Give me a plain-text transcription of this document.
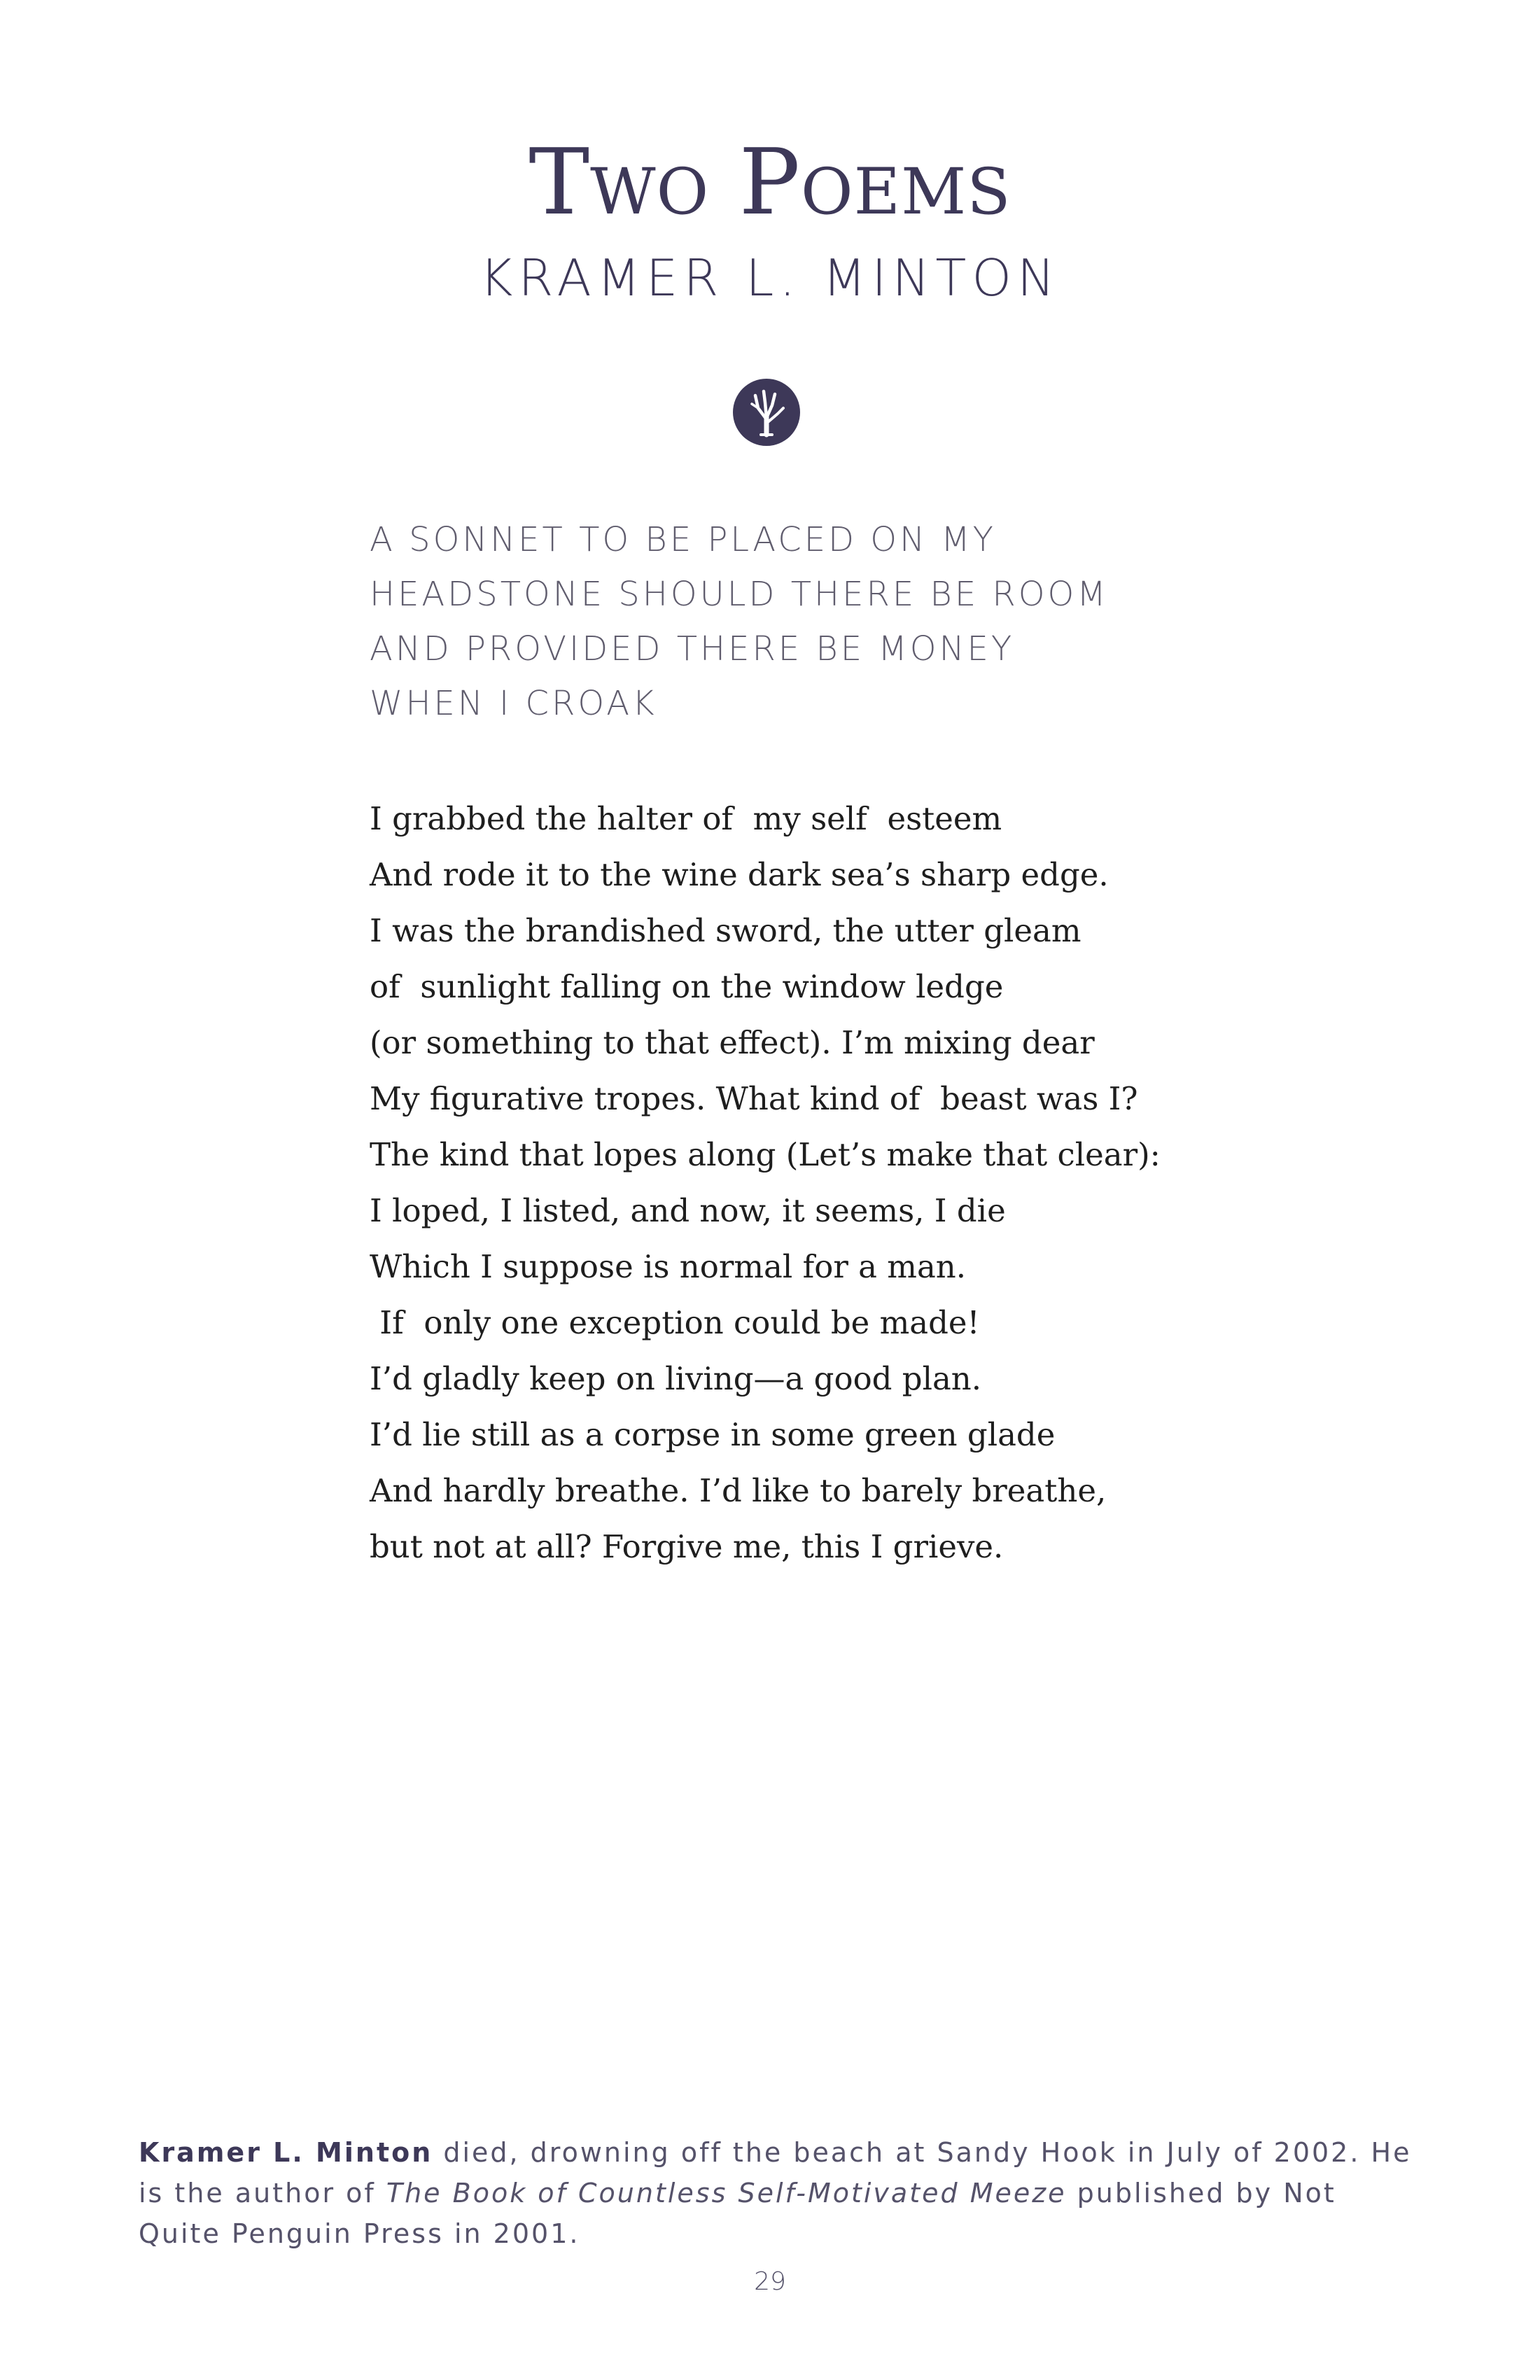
Two Poems
KRAMER L. MINTON
A SONNET TO BE PLACED ON MY
HEADSTONE SHOULD THERE BE ROOM
AND PROVIDED THERE BE MONEY
WHEN I CROAK
I grabbed the halter of  my self  esteem
And rode it to the wine dark sea’s sharp edge.
I was the brandished sword, the utter gleam
of  sunlight falling on the window ledge
(or something to that effect). I’m mixing dear
My figurative tropes. What kind of  beast was I?
The kind that lopes along (Let’s make that clear):
I loped, I listed, and now, it seems, I die
Which I suppose is normal for a man.
If  only one exception could be made!
I’d gladly keep on living—a good plan.
I’d lie still as a corpse in some green glade
And hardly breathe. I’d like to barely breathe,
but not at all? Forgive me, this I grieve.

Kramer L. Minton died, drowning off the beach at Sandy Hook in July of 2002. He is the author of The Book of Countless Self-Motivated Meeze published by Not Quite Penguin Press in 2001.

29
